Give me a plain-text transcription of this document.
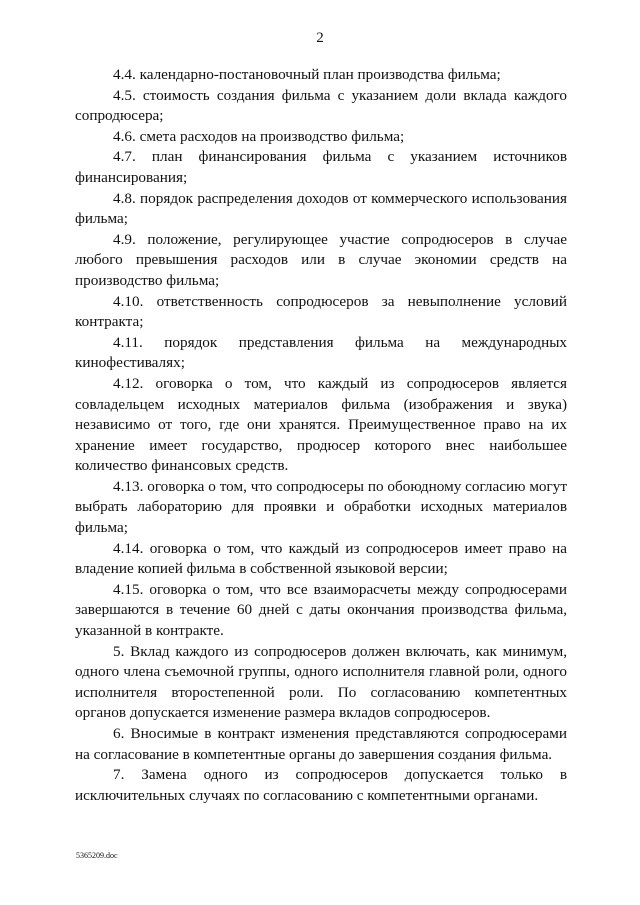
2

4.4. календарно-постановочный план производства фильма;

4.5. стоимость создания фильма с указанием доли вклада каждого сопродюсера;

4.6. смета расходов на производство фильма;

4.7. план финансирования фильма с указанием источников финансирования;

4.8. порядок распределения доходов от коммерческого использования фильма;

4.9. положение, регулирующее участие сопродюсеров в случае любого превышения расходов или в случае экономии средств на производство фильма;

4.10. ответственность сопродюсеров за невыполнение условий контракта;

4.11. порядок представления фильма на международных кинофестивалях;

4.12. оговорка о том, что каждый из сопродюсеров является совладельцем исходных материалов фильма (изображения и звука) независимо от того, где они хранятся. Преимущественное право на их хранение имеет государство, продюсер которого внес наибольшее количество финансовых средств.

4.13. оговорка о том, что сопродюсеры по обоюдному согласию могут выбрать лабораторию для проявки и обработки исходных материалов фильма;

4.14. оговорка о том, что каждый из сопродюсеров имеет право на владение копией фильма в собственной языковой версии;

4.15. оговорка о том, что все взаиморасчеты между сопродюсерами завершаются в течение 60 дней с даты окончания производства фильма, указанной в контракте.

5. Вклад каждого из сопродюсеров должен включать, как минимум, одного члена съемочной группы, одного исполнителя главной роли, одного исполнителя второстепенной роли. По согласованию компетентных органов допускается изменение размера вкладов сопродюсеров.

6. Вносимые в контракт изменения представляются сопродюсерами на согласование в компетентные органы до завершения создания фильма.

7. Замена одного из сопродюсеров допускается только в исключительных случаях по согласованию с компетентными органами.

5365209.doc
